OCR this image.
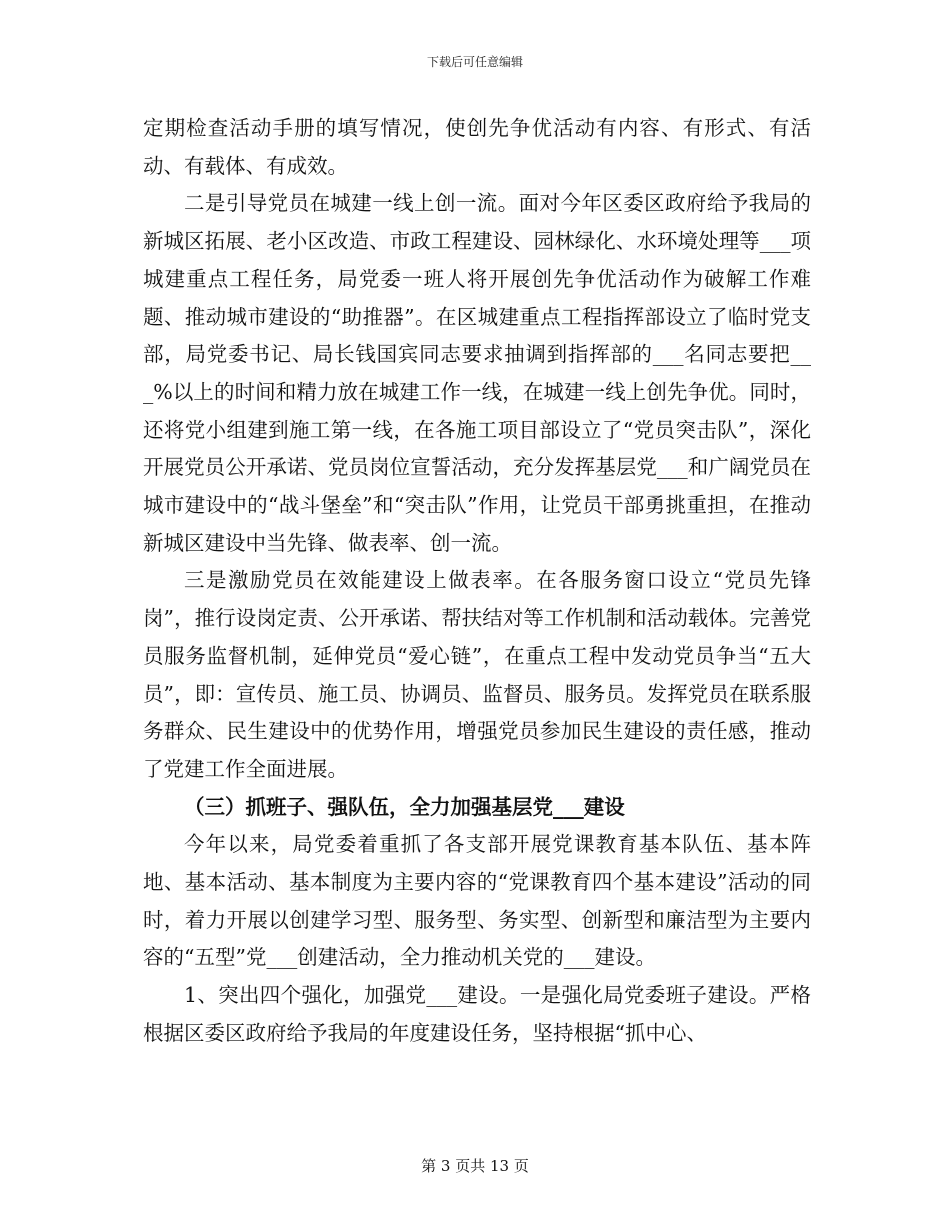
下载后可任意编辑

定期检查活动手册的填写情况，使创先争优活动有内容、有形式、有活动、有载体、有成效。

二是引导党员在城建一线上创一流。面对今年区委区政府给予我局的新城区拓展、老小区改造、市政工程建设、园林绿化、水环境处理等___项城建重点工程任务，局党委一班人将开展创先争优活动作为破解工作难题、推动城市建设的“助推器”。在区城建重点工程指挥部设立了临时党支部，局党委书记、局长钱国宾同志要求抽调到指挥部的___名同志要把___%以上的时间和精力放在城建工作一线，在城建一线上创先争优。同时，还将党小组建到施工第一线，在各施工项目部设立了“党员突击队”，深化开展党员公开承诺、党员岗位宣誓活动，充分发挥基层党___和广阔党员在城市建设中的“战斗堡垒”和“突击队”作用，让党员干部勇挑重担，在推动新城区建设中当先锋、做表率、创一流。

三是激励党员在效能建设上做表率。在各服务窗口设立“党员先锋岗”，推行设岗定责、公开承诺、帮扶结对等工作机制和活动载体。完善党员服务监督机制，延伸党员“爱心链”，在重点工程中发动党员争当“五大员”，即：宣传员、施工员、协调员、监督员、服务员。发挥党员在联系服务群众、民生建设中的优势作用，增强党员参加民生建设的责任感，推动了党建工作全面进展。

（三）抓班子、强队伍，全力加强基层党___建设

今年以来，局党委着重抓了各支部开展党课教育基本队伍、基本阵地、基本活动、基本制度为主要内容的“党课教育四个基本建设”活动的同时，着力开展以创建学习型、服务型、务实型、创新型和廉洁型为主要内容的“五型”党___创建活动，全力推动机关党的___建设。

1、突出四个强化，加强党___建设。一是强化局党委班子建设。严格根据区委区政府给予我局的年度建设任务，坚持根据“抓中心、

第 3 页共 13 页
